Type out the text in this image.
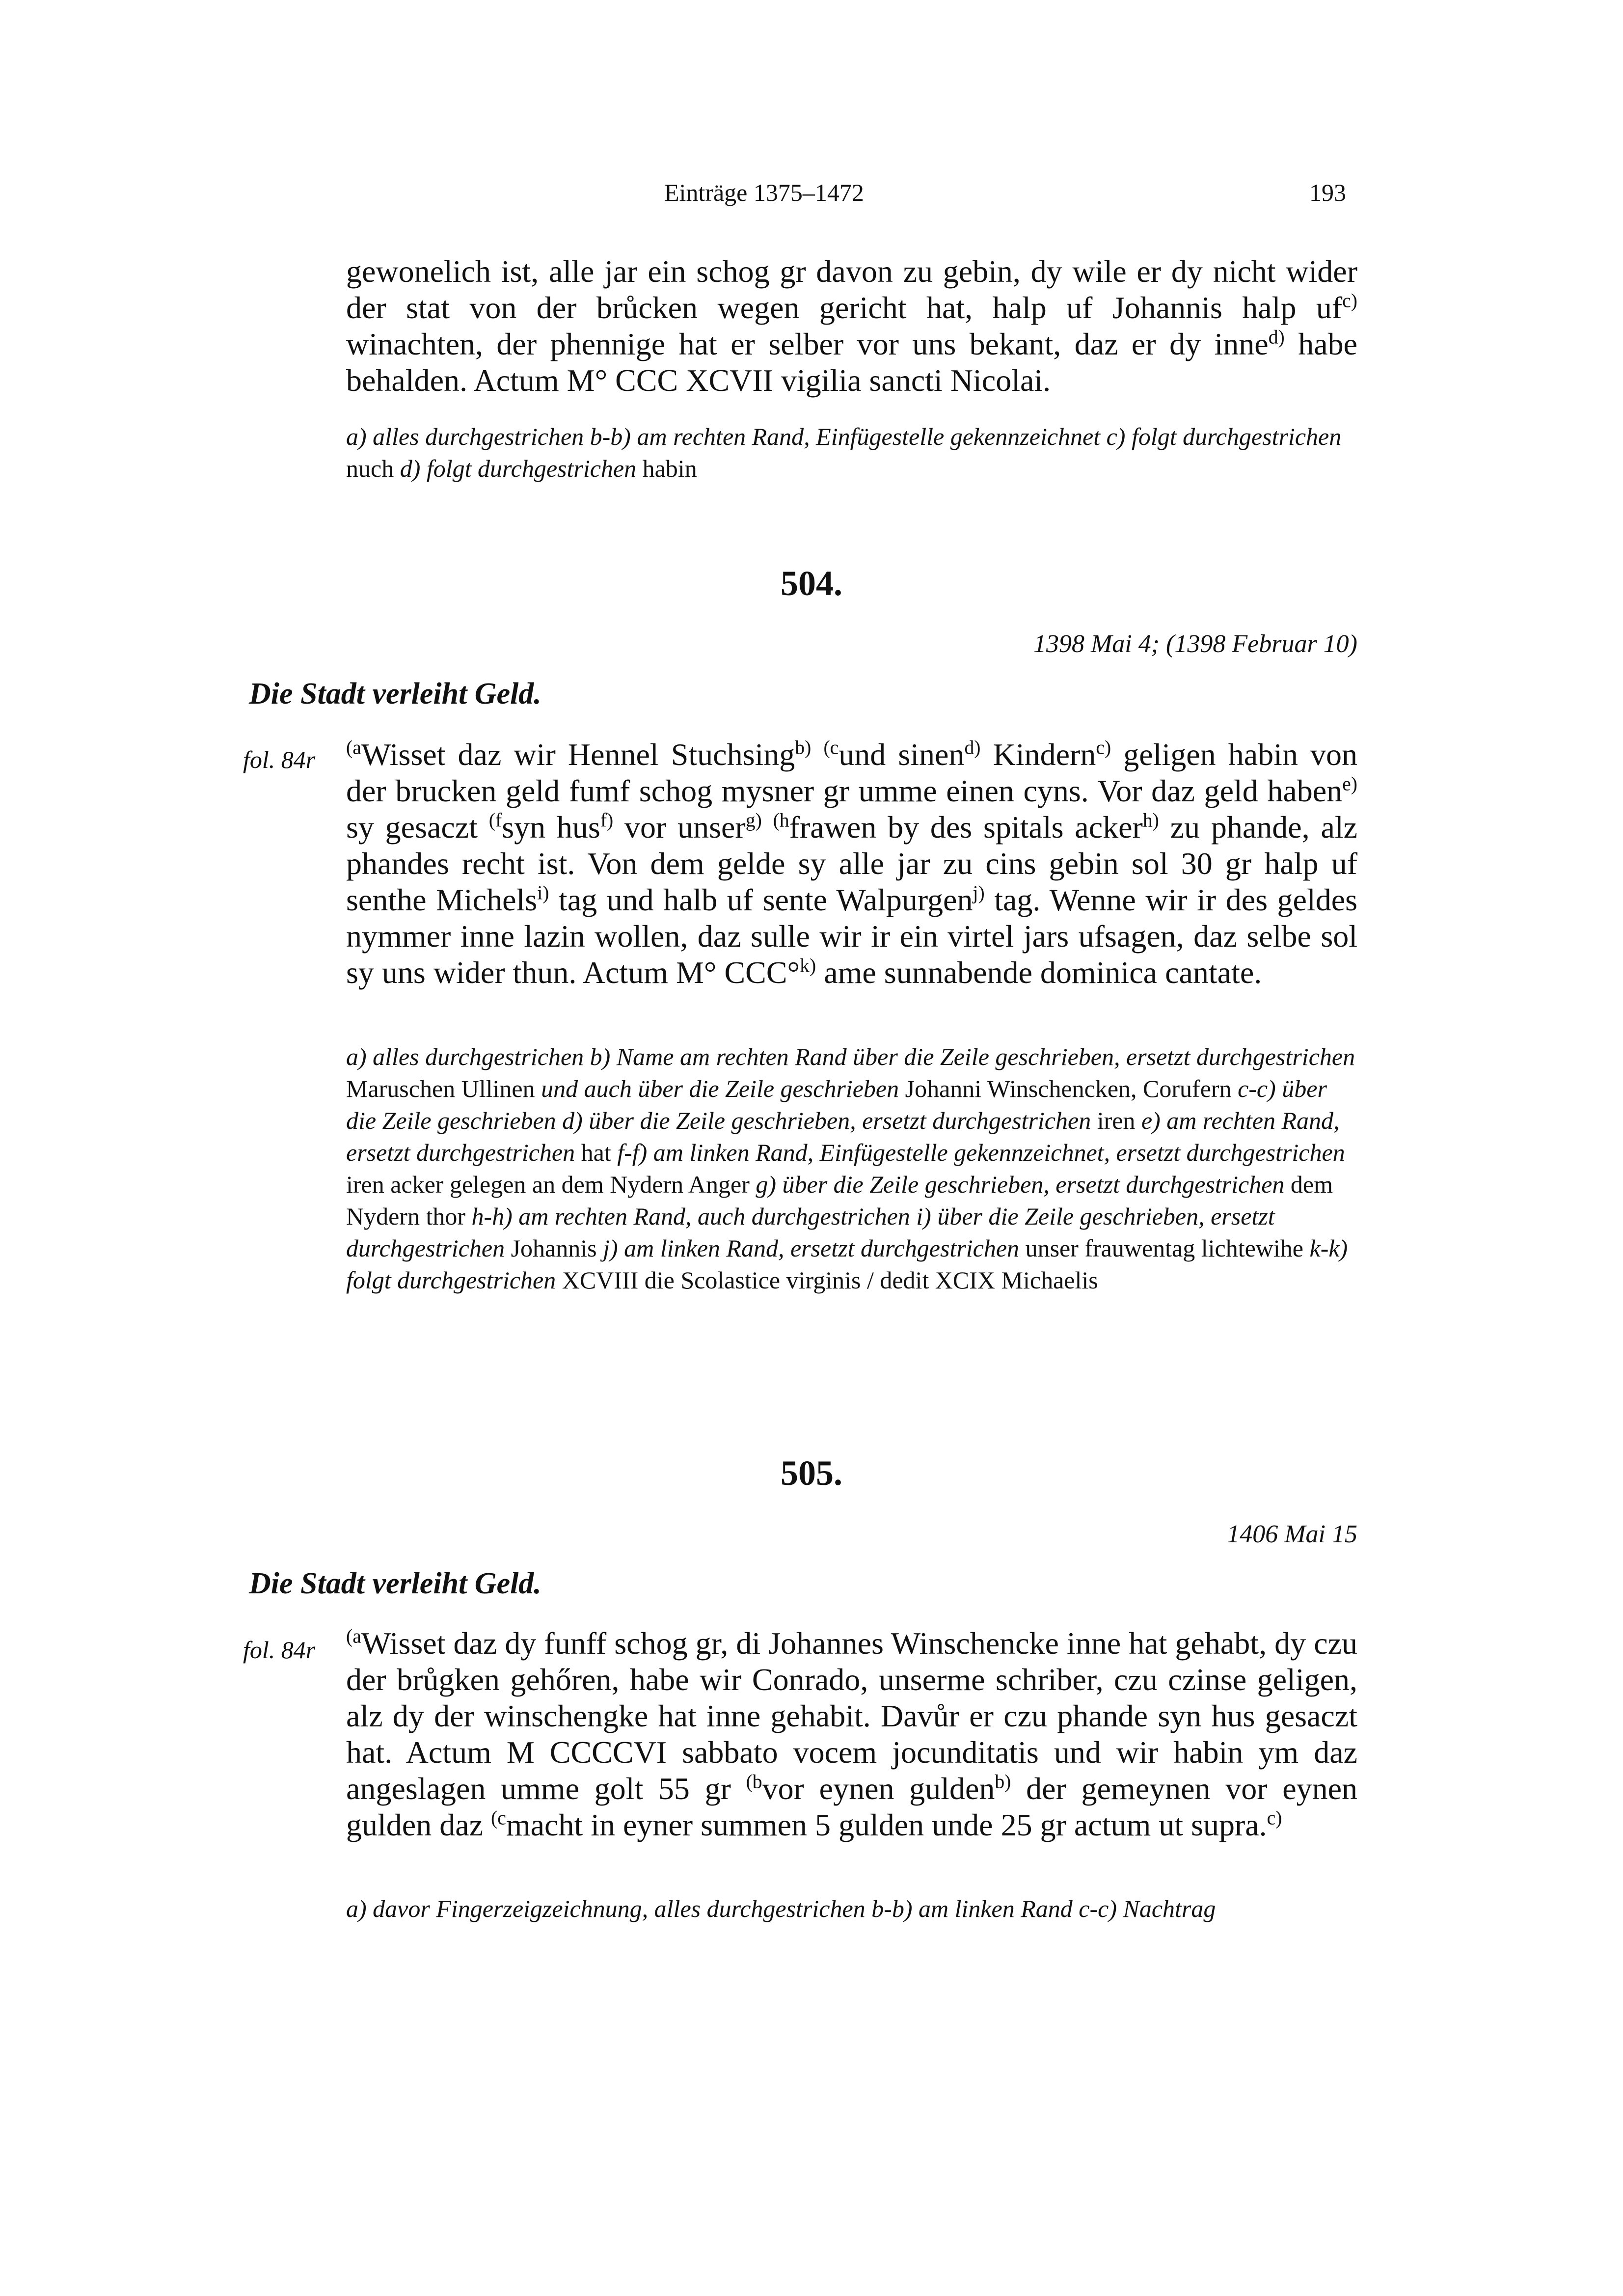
Einträge 1375–1472	193
gewonelich ist, alle jar ein schog gr davon zu gebin, dy wile er dy nicht wider der stat von der brůcken wegen gericht hat, halp uf Johannis halp $uf^{c)}$ winachten, der phennige hat er selber vor uns bekant, daz er dy inne$^{d)}$ habe behalden. Actum M° CCC XCVII vigilia sancti Nicolai.
a) alles durchgestrichen b-b) am rechten Rand, Einfügestelle gekennzeichnet c) folgt durchgestrichen nuch d) folgt durchgestrichen habin
504.
1398 Mai 4; (1398 Februar 10)
Die Stadt verleiht Geld.
fol. 84r $^{(a}$Wisset daz wir Hennel Stuchsing$^{b)}$ $^{(c}$und sinen$^{d)}$ Kindern$^{c)}$ geligen habin von der brucken geld fumf schog mysner gr umme einen cyns. Vor daz geld haben$^{e)}$ sy gesaczt $^{(f}$syn hus$^{f)}$ vor unser$^{g)}$ $^{(h}$frawen by des spitals acker$^{h)}$ zu phande, alz phandes recht ist. Von dem gelde sy alle jar zu cins gebin sol 30 gr halp uf senthe Michels$^{i)}$ tag und halb uf sente Walpurgen$^{j)}$ tag. Wenne wir ir des geldes nymmer inne lazin wollen, daz sulle wir ir ein virtel jars ufsagen, daz selbe sol sy uns wider thun. Actum M° CCC°$^{k)}$ ame sunnabende dominica cantate.
a) alles durchgestrichen b) Name am rechten Rand über die Zeile geschrieben, ersetzt durchgestrichen Maruschen Ullinen und auch über die Zeile geschrieben Johanni Winschencken, Corufern c-c) über die Zeile geschrieben d) über die Zeile geschrieben, ersetzt durchgestrichen iren e) am rechten Rand, ersetzt durchgestrichen hat f-f) am linken Rand, Einfügestelle gekennzeichnet, ersetzt durchgestrichen iren acker gelegen an dem Nydern Anger g) über die Zeile geschrieben, ersetzt durchgestrichen dem Nydern thor h-h) am rechten Rand, auch durchgestrichen i) über die Zeile geschrieben, ersetzt durchgestrichen Johannis j) am linken Rand, ersetzt durchgestrichen unser frauwentag lichtewihe k-k) folgt durchgestrichen XCVIII die Scolastice virginis / dedit XCIX Michaelis
505.
1406 Mai 15
Die Stadt verleiht Geld.
fol. 84r $^{(a}$Wisset daz dy funff schog gr, di Johannes Winschencke inne hat gehabt, dy czu der brůgken gehőren, habe wir Conrado, unserme schriber, czu czinse geligen, alz dy der winschengke hat inne gehabit. Davůr er czu phande syn hus gesaczt hat. Actum M CCCCVI sabbato vocem jocunditatis und wir habin ym daz angeslagen umme golt 55 gr $^{(b}$vor eynen gulden$^{b)}$ der gemeynen vor eynen gulden daz $^{(c}$macht in eyner summen 5 gulden unde 25 gr actum ut supra.$^{c)}$
a) davor Fingerzeigzeichnung, alles durchgestrichen b-b) am linken Rand c-c) Nachtrag
